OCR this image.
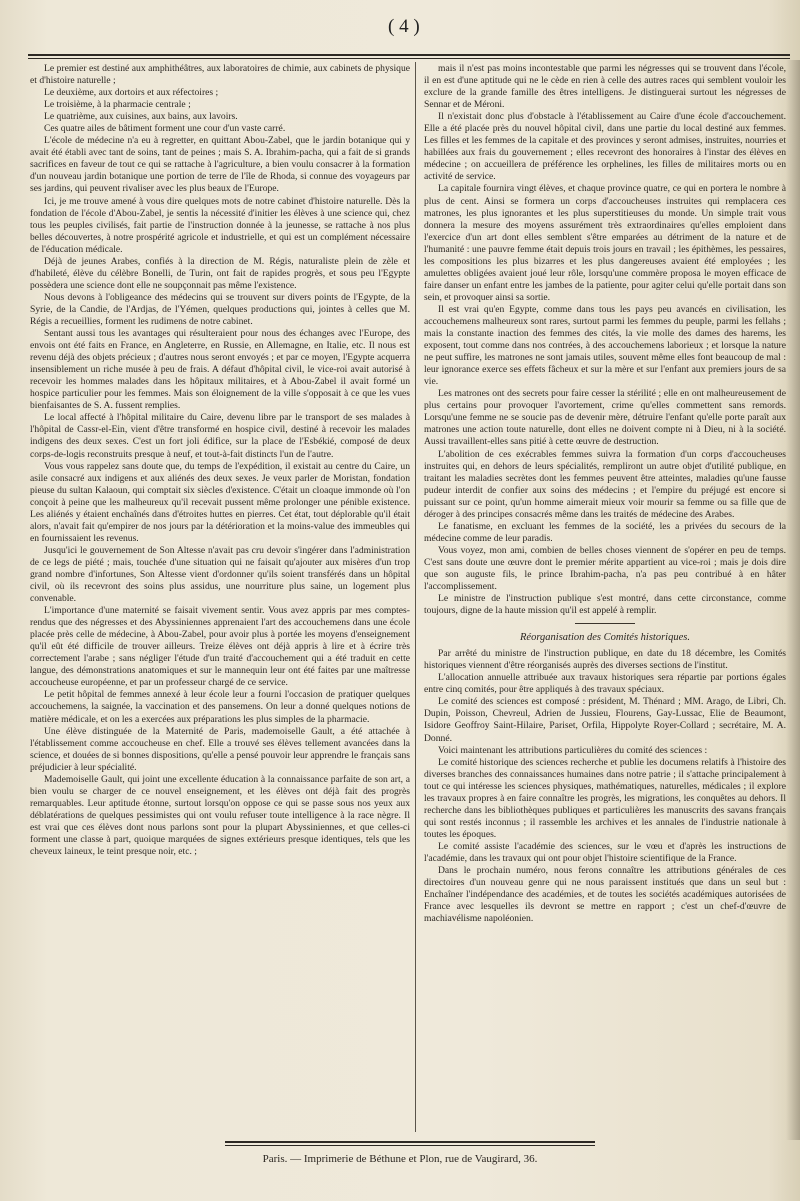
( 4 )

Le premier est destiné aux amphithéâtres, aux laboratoires de chimie, aux cabinets de physique et d'histoire naturelle ;

Le deuxième, aux dortoirs et aux réfectoires ;

Le troisième, à la pharmacie centrale ;

Le quatrième, aux cuisines, aux bains, aux lavoirs.

Ces quatre ailes de bâtiment forment une cour d'un vaste carré.

L'école de médecine n'a eu à regretter, en quittant Abou-Zabel, que le jardin botanique qui y avait été établi avec tant de soins, tant de peines ; mais S. A. Ibrahim-pacha, qui a fait de si grands sacrifices en faveur de tout ce qui se rattache à l'agriculture, a bien voulu consacrer à la formation d'un nouveau jardin botanique une portion de terre de l'île de Rhoda, si connue des voyageurs par ses jardins, qui peuvent rivaliser avec les plus beaux de l'Europe.

Ici, je me trouve amené à vous dire quelques mots de notre cabinet d'histoire naturelle. Dès la fondation de l'école d'Abou-Zabel, je sentis la nécessité d'initier les élèves à une science qui, chez tous les peuples civilisés, fait partie de l'instruction donnée à la jeunesse, se rattache à nos plus belles découvertes, à notre prospérité agricole et industrielle, et qui est un complément nécessaire de l'éducation médicale.

Déjà de jeunes Arabes, confiés à la direction de M. Régis, naturaliste plein de zèle et d'habileté, élève du célèbre Bonelli, de Turin, ont fait de rapides progrès, et sous peu l'Egypte possèdera une science dont elle ne soupçonnait pas même l'existence.

Nous devons à l'obligeance des médecins qui se trouvent sur divers points de l'Egypte, de la Syrie, de la Candie, de l'Ardjas, de l'Yémen, quelques productions qui, jointes à celles que M. Régis a recueillies, forment les rudimens de notre cabinet.

Sentant aussi tous les avantages qui résulteraient pour nous des échanges avec l'Europe, des envois ont été faits en France, en Angleterre, en Russie, en Allemagne, en Italie, etc. Il nous est revenu déjà des objets précieux ; d'autres nous seront envoyés ; et par ce moyen, l'Egypte acquerra insensiblement un riche musée à peu de frais. A défaut d'hôpital civil, le vice-roi avait autorisé à recevoir les hommes malades dans les hôpitaux militaires, et à Abou-Zabel il avait formé un hospice particulier pour les femmes. Mais son éloignement de la ville s'opposait à ce que les vues bienfaisantes de S. A. fussent remplies.

Le local affecté à l'hôpital militaire du Caire, devenu libre par le transport de ses malades à l'hôpital de Cassr-el-Ein, vient d'être transformé en hospice civil, destiné à recevoir les malades indigens des deux sexes. C'est un fort joli édifice, sur la place de l'Esbékié, composé de deux corps-de-logis reconstruits presque à neuf, et tout-à-fait distincts l'un de l'autre.

Vous vous rappelez sans doute que, du temps de l'expédition, il existait au centre du Caire, un asile consacré aux indigens et aux aliénés des deux sexes. Je veux parler de Moristan, fondation pieuse du sultan Kalaoun, qui comptait six siècles d'existence. C'était un cloaque immonde où l'on conçoit à peine que les malheureux qu'il recevait pussent même prolonger une pénible existence. Les aliénés y étaient enchaînés dans d'étroites huttes en pierres. Cet état, tout déplorable qu'il était alors, n'avait fait qu'empirer de nos jours par la détérioration et la moins-value des immeubles qui en fournissaient les revenus.

Jusqu'ici le gouvernement de Son Altesse n'avait pas cru devoir s'ingérer dans l'administration de ce legs de piété ; mais, touchée d'une situation qui ne faisait qu'ajouter aux misères d'un trop grand nombre d'infortunes, Son Altesse vient d'ordonner qu'ils soient transférés dans un hôpital civil, où ils recevront des soins plus assidus, une nourriture plus saine, un logement plus convenable.

L'importance d'une maternité se faisait vivement sentir. Vous avez appris par mes comptes-rendus que des négresses et des Abyssiniennes apprenaient l'art des accouchemens dans une école placée près celle de médecine, à Abou-Zabel, pour avoir plus à portée les moyens d'enseignement qu'il eût été difficile de trouver ailleurs. Treize élèves ont déjà appris à lire et à écrire très correctement l'arabe ; sans négliger l'étude d'un traité d'accouchement qui a été traduit en cette langue, des démonstrations anatomiques et sur le mannequin leur ont été faites par une maîtresse accoucheuse européenne, et par un professeur chargé de ce service.

Le petit hôpital de femmes annexé à leur école leur a fourni l'occasion de pratiquer quelques accouchemens, la saignée, la vaccination et des pansemens. On leur a donné quelques notions de matière médicale, et on les a exercées aux préparations les plus simples de la pharmacie.

Une élève distinguée de la Maternité de Paris, mademoiselle Gault, a été attachée à l'établissement comme accoucheuse en chef. Elle a trouvé ses élèves tellement avancées dans la science, et douées de si bonnes dispositions, qu'elle a pensé pouvoir leur apprendre le français sans préjudicier à leur spécialité.

Mademoiselle Gault, qui joint une excellente éducation à la connaissance parfaite de son art, a bien voulu se charger de ce nouvel enseignement, et les élèves ont déjà fait des progrès remarquables. Leur aptitude étonne, surtout lorsqu'on oppose ce qui se passe sous nos yeux aux déblatérations de quelques pessimistes qui ont voulu refuser toute intelligence à la race nègre. Il est vrai que ces élèves dont nous parlons sont pour la plupart Abyssiniennes, et que celles-ci forment une classe à part, quoique marquées de signes extérieurs presque identiques, tels que les cheveux laineux, le teint presque noir, etc. ;

mais il n'est pas moins incontestable que parmi les négresses qui se trouvent dans l'école, il en est d'une aptitude qui ne le cède en rien à celle des autres races qui semblent vouloir les exclure de la grande famille des êtres intelligens. Je distinguerai surtout les négresses de Sennar et de Méroni.

Il n'existait donc plus d'obstacle à l'établissement au Caire d'une école d'accouchement. Elle a été placée près du nouvel hôpital civil, dans une partie du local destiné aux femmes. Les filles et les femmes de la capitale et des provinces y seront admises, instruites, nourries et habillées aux frais du gouvernement ; elles recevront des honoraires à l'instar des élèves en médecine ; on accueillera de préférence les orphelines, les filles de militaires morts ou en activité de service.

La capitale fournira vingt élèves, et chaque province quatre, ce qui en portera le nombre à plus de cent. Ainsi se formera un corps d'accoucheuses instruites qui remplacera ces matrones, les plus ignorantes et les plus superstitieuses du monde. Un simple trait vous donnera la mesure des moyens assurément très extraordinaires qu'elles emploient dans l'exercice d'un art dont elles semblent s'être emparées au détriment de la nature et de l'humanité : une pauvre femme était depuis trois jours en travail ; les épithèmes, les pessaires, les compositions les plus bizarres et les plus dangereuses avaient été employées ; les amulettes obligées avaient joué leur rôle, lorsqu'une commère proposa le moyen efficace de faire danser un enfant entre les jambes de la patiente, pour agiter celui qu'elle portait dans son sein, et provoquer ainsi sa sortie.

Il est vrai qu'en Egypte, comme dans tous les pays peu avancés en civilisation, les accouchemens malheureux sont rares, surtout parmi les femmes du peuple, parmi les fellahs ; mais la constante inaction des femmes des cités, la vie molle des dames des harems, les exposent, tout comme dans nos contrées, à des accouchemens laborieux ; et lorsque la nature ne peut suffire, les matrones ne sont jamais utiles, souvent même elles font beaucoup de mal : leur ignorance exerce ses effets fâcheux et sur la mère et sur l'enfant aux premiers jours de sa vie.

Les matrones ont des secrets pour faire cesser la stérilité ; elle en ont malheureusement de plus certains pour provoquer l'avortement, crime qu'elles commettent sans remords. Lorsqu'une femme ne se soucie pas de devenir mère, détruire l'enfant qu'elle porte paraît aux matrones une action toute naturelle, dont elles ne doivent compte ni à Dieu, ni à la société. Aussi travaillent-elles sans pitié à cette œuvre de destruction.

L'abolition de ces exécrables femmes suivra la formation d'un corps d'accoucheuses instruites qui, en dehors de leurs spécialités, rempliront un autre objet d'utilité publique, en traitant les maladies secrètes dont les femmes peuvent être atteintes, maladies qu'une fausse pudeur interdit de confier aux soins des médecins ; et l'empire du préjugé est encore si puissant sur ce point, qu'un homme aimerait mieux voir mourir sa femme ou sa fille que de déroger à des principes consacrés même dans les traités de médecine des Arabes.

Le fanatisme, en excluant les femmes de la société, les a privées du secours de la médecine comme de leur paradis.

Vous voyez, mon ami, combien de belles choses viennent de s'opérer en peu de temps. C'est sans doute une œuvre dont le premier mérite appartient au vice-roi ; mais je dois dire que son auguste fils, le prince Ibrahim-pacha, n'a pas peu contribué à en hâter l'accomplissement.

Le ministre de l'instruction publique s'est montré, dans cette circonstance, comme toujours, digne de la haute mission qu'il est appelé à remplir.

Réorganisation des Comités historiques.

Par arrêté du ministre de l'instruction publique, en date du 18 décembre, les Comités historiques viennent d'être réorganisés auprès des diverses sections de l'institut.

L'allocation annuelle attribuée aux travaux historiques sera répartie par portions égales entre cinq comités, pour être appliqués à des travaux spéciaux.

Le comité des sciences est composé : président, M. Thénard ; MM. Arago, de Libri, Ch. Dupin, Poisson, Chevreul, Adrien de Jussieu, Flourens, Gay-Lussac, Elie de Beaumont, Isidore Geoffroy Saint-Hilaire, Pariset, Orfila, Hippolyte Royer-Collard ; secrétaire, M. A. Donné.

Voici maintenant les attributions particulières du comité des sciences :

Le comité historique des sciences recherche et publie les documens relatifs à l'histoire des diverses branches des connaissances humaines dans notre patrie ; il s'attache principalement à tout ce qui intéresse les sciences physiques, mathématiques, naturelles, médicales ; il explore les travaux propres à en faire connaître les progrès, les migrations, les conquêtes au dehors. Il recherche dans les bibliothèques publiques et particulières les manuscrits des savans français qui sont restés inconnus ; il rassemble les archives et les annales de l'industrie nationale à toutes les époques.

Le comité assiste l'académie des sciences, sur le vœu et d'après les instructions de l'académie, dans les travaux qui ont pour objet l'histoire scientifique de la France.

Dans le prochain numéro, nous ferons connaître les attributions générales de ces directoires d'un nouveau genre qui ne nous paraissent institués que dans un seul but : Enchaîner l'indépendance des académies, et de toutes les sociétés académiques autorisées de France avec lesquelles ils devront se mettre en rapport ; c'est un chef-d'œuvre de machiavélisme napoléonien.

Paris. — Imprimerie de Béthune et Plon, rue de Vaugirard, 36.
